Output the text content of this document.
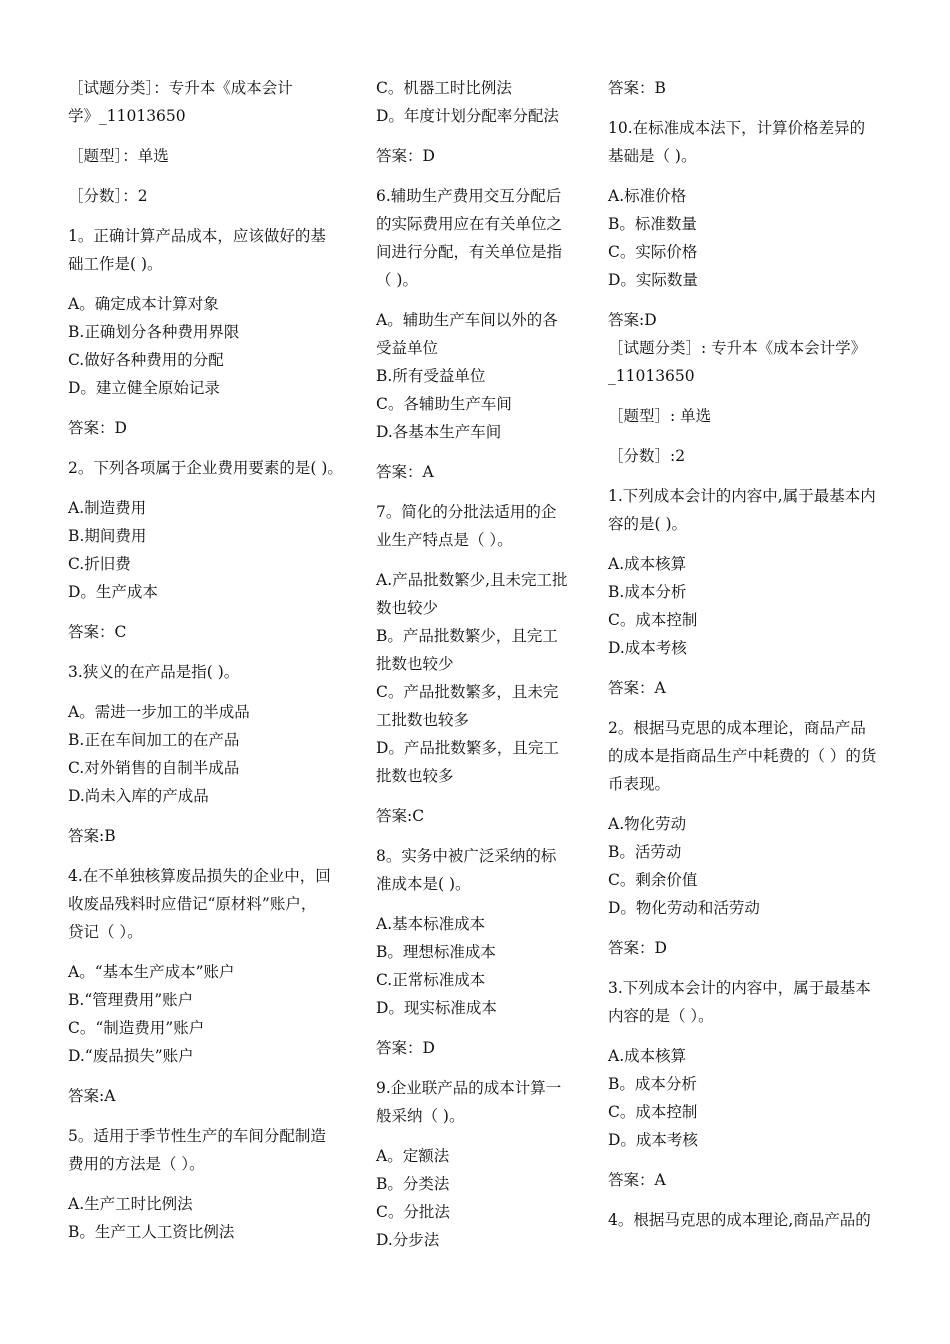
［试题分类］：专升本《成本会计
学》_11013650
［题型］：单选
［分数］：2
1。正确计算产品成本，应该做好的基
础工作是( )。
A。确定成本计算对象
B.正确划分各种费用界限
C.做好各种费用的分配
D。建立健全原始记录
答案：D
2。下列各项属于企业费用要素的是( )。
A.制造费用
B.期间费用
C.折旧费
D。生产成本
答案：C
3.狭义的在产品是指( )。
A。需进一步加工的半成品
B.正在车间加工的在产品
C.对外销售的自制半成品
D.尚未入库的产成品
答案:B
4.在不单独核算废品损失的企业中，回
收废品残料时应借记“原材料”账户，
贷记（ ）。
A。“基本生产成本”账户
B.“管理费用”账户
C。“制造费用”账户
D.“废品损失”账户
答案:A
5。适用于季节性生产的车间分配制造
费用的方法是（ ）。
A.生产工时比例法
B。生产工人工资比例法
C。机器工时比例法
D。年度计划分配率分配法
答案：D
6.辅助生产费用交互分配后
的实际费用应在有关单位之
间进行分配，有关单位是指
（ )。
A。辅助生产车间以外的各
受益单位
B.所有受益单位
C。各辅助生产车间
D.各基本生产车间
答案：A
7。简化的分批法适用的企
业生产特点是（ ）。
A.产品批数繁少,且未完工批
数也较少
B。产品批数繁少，且完工
批数也较少
C。产品批数繁多，且未完
工批数也较多
D。产品批数繁多，且完工
批数也较多
答案:C
8。实务中被广泛采纳的标
准成本是( )。
A.基本标准成本
B。理想标准成本
C.正常标准成本
D。现实标准成本
答案：D
9.企业联产品的成本计算一
般采纳（ )。
A。定额法
B。分类法
C。分批法
D.分步法
答案：B
10.在标准成本法下，计算价格差异的
基础是（ )。
A.标准价格
B。标准数量
C。实际价格
D。实际数量
答案:D
［试题分类］: 专升本《成本会计学》
_11013650
［题型］: 单选
［分数］:2
1.下列成本会计的内容中,属于最基本内
容的是( )。
A.成本核算
B.成本分析
C。成本控制
D.成本考核
答案：A
2。根据马克思的成本理论，商品产品
的成本是指商品生产中耗费的（ ）的货
币表现。
A.物化劳动
B。活劳动
C。剩余价值
D。物化劳动和活劳动
答案：D
3.下列成本会计的内容中，属于最基本
内容的是（ ）。
A.成本核算
B。成本分析
C。成本控制
D。成本考核
答案：A
4。根据马克思的成本理论,商品产品的
